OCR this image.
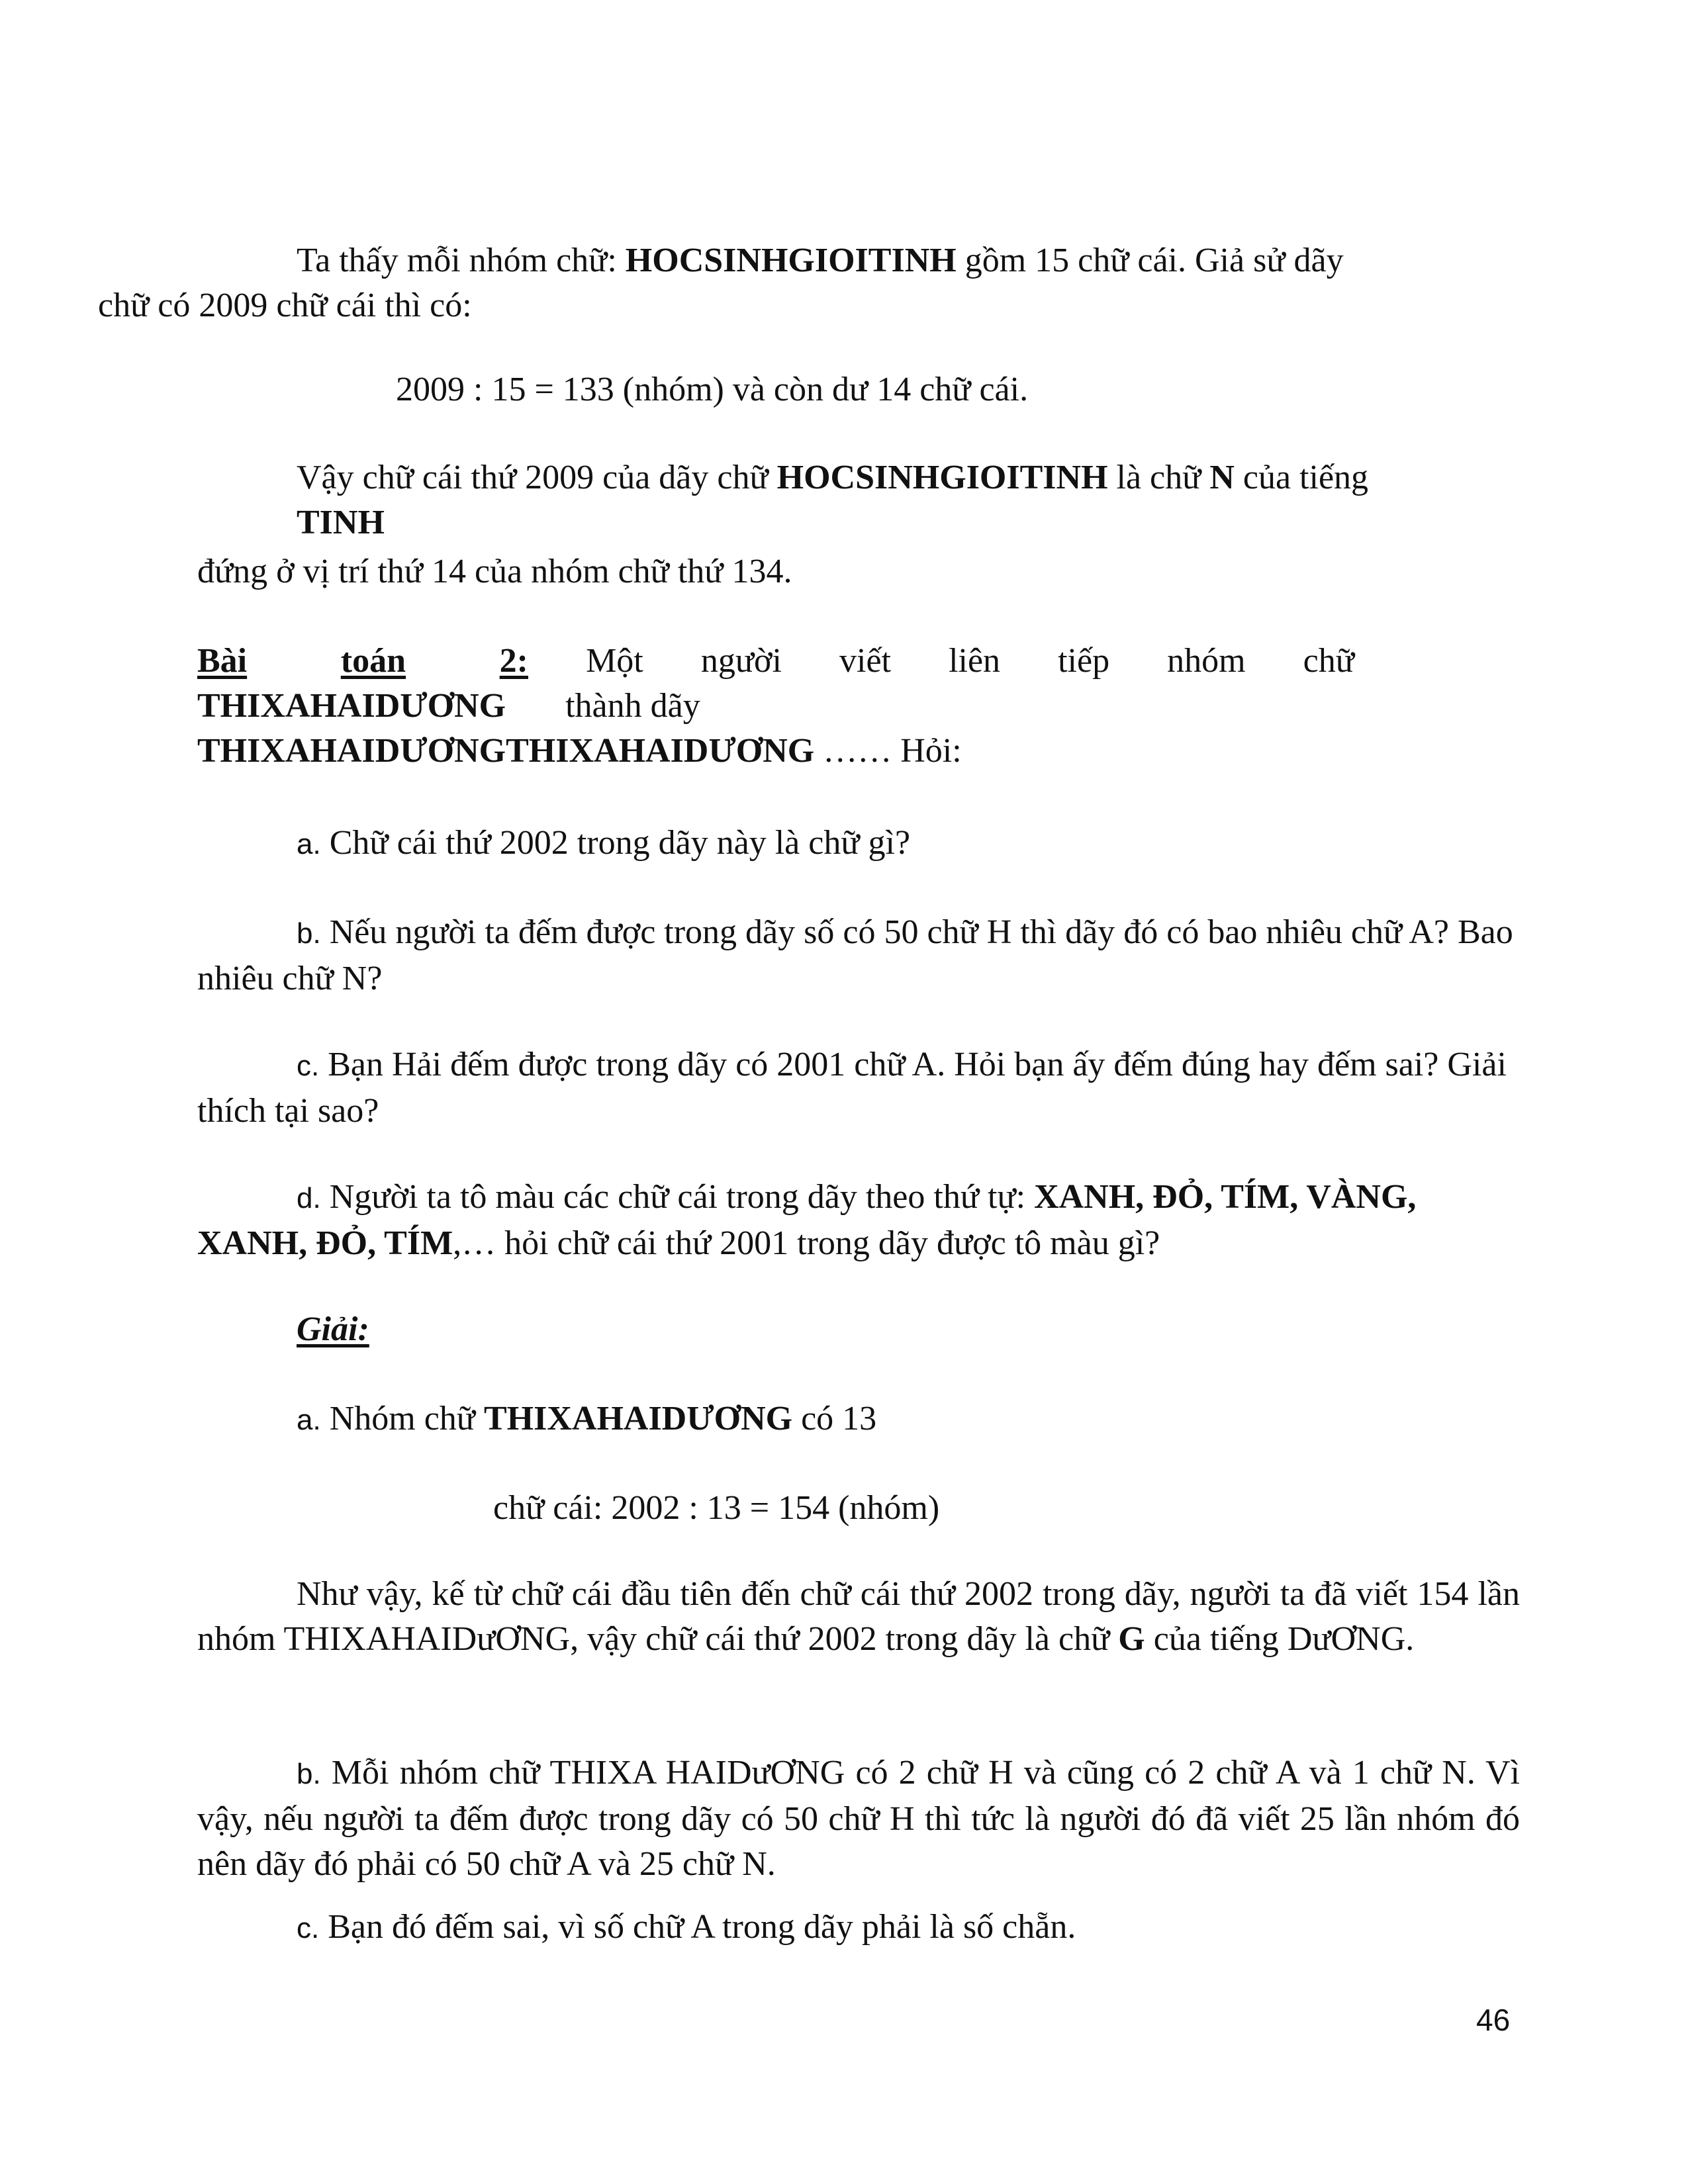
Ta thấy mỗi nhóm chữ: HOCSINHGIOITINH gồm 15 chữ cái. Giả sử dãy
chữ có 2009 chữ cái thì có:

2009 : 15 = 133 (nhóm) và còn dư 14 chữ cái.

Vậy chữ cái thứ 2009 của dãy chữ HOCSINHGIOITINH là chữ N của tiếng
TINH

đứng ở vị trí thứ 14 của nhóm chữ thứ 134.

Bài	toán	2: Một người viết liên tiếp nhóm chữ
THIXAHAIDƯƠNG thành dãy
THIXAHAIDƯƠNGTHIXAHAIDƯƠNG …… Hỏi:

a. Chữ cái thứ 2002 trong dãy này là chữ gì?

b. Nếu người ta đếm được trong dãy số có 50 chữ H thì dãy đó có bao nhiêu chữ A? Bao nhiêu chữ N?

c. Bạn Hải đếm được trong dãy có 2001 chữ A. Hỏi bạn ấy đếm đúng hay đếm sai? Giải thích tại sao?

d. Người ta tô màu các chữ cái trong dãy theo thứ tự: XANH, ĐỎ, TÍM, VÀNG, XANH, ĐỎ, TÍM,… hỏi chữ cái thứ 2001 trong dãy được tô màu gì?

Giải:

a. Nhóm chữ THIXAHAIDƯƠNG có 13

chữ cái: 2002 : 13 = 154 (nhóm)

Như vậy, kế từ chữ cái đầu tiên đến chữ cái thứ 2002 trong dãy, người ta đã viết 154 lần nhóm THIXAHAIDưƠNG, vậy chữ cái thứ 2002 trong dãy là chữ G của tiếng DưƠNG.

b. Mỗi nhóm chữ THIXA HAIDưƠNG có 2 chữ H và cũng có 2 chữ A và 1 chữ N. Vì vậy, nếu người ta đếm được trong dãy có 50 chữ H thì tức là người đó đã viết 25 lần nhóm đó nên dãy đó phải có 50 chữ A và 25 chữ N.

c. Bạn đó đếm sai, vì số chữ A trong dãy phải là số chẵn.

46
